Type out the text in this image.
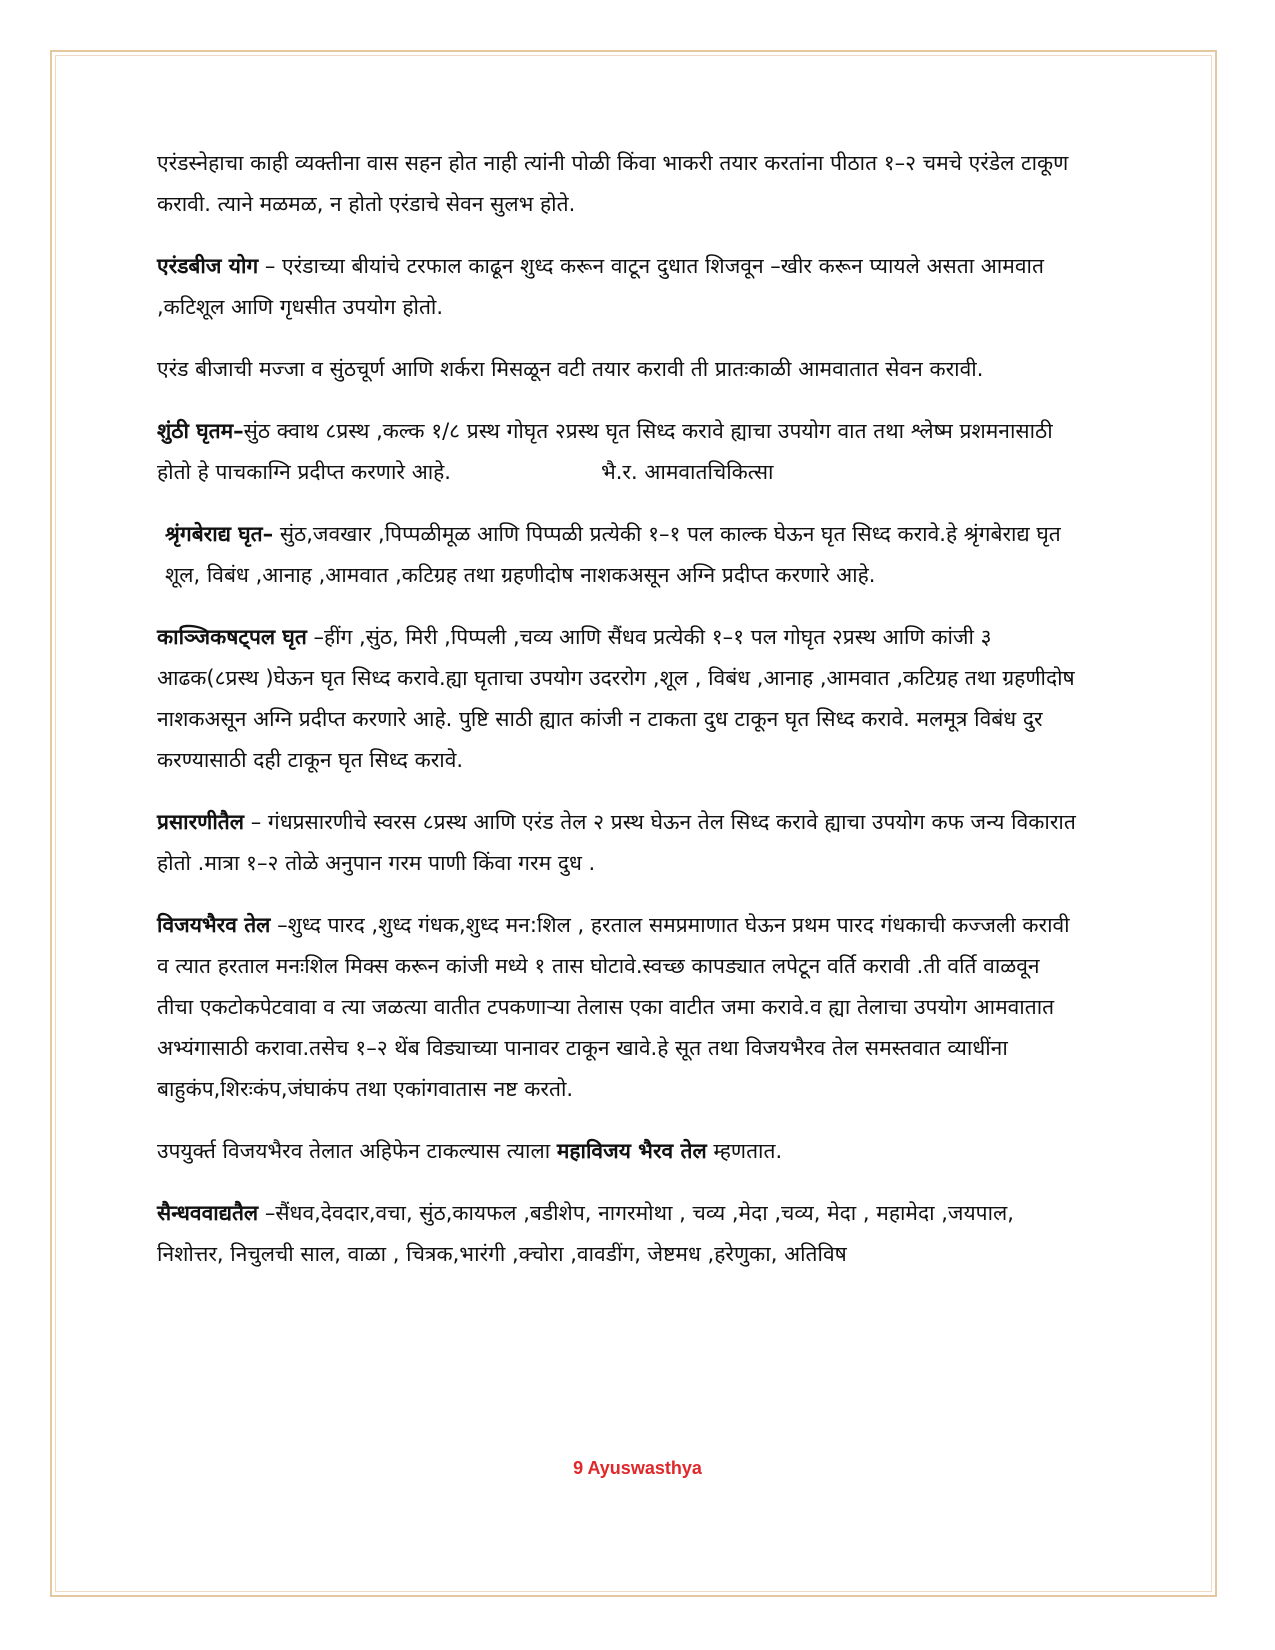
एरंडस्नेहाचा काही व्यक्तीना वास सहन होत नाही त्यांनी पोळी किंवा भाकरी तयार करतांना पीठात १–२ चमचे एरंडेल टाकूण करावी. त्याने मळमळ, न होतो एरंडाचे सेवन सुलभ होते.

एरंडबीज योग – एरंडाच्या बीयांचे टरफाल काढून शुध्द करून वाटून दुधात शिजवून –खीर करून प्यायले असता आमवात ,कटिशूल आणि गृधसीत उपयोग होतो.

एरंड बीजाची मज्जा व सुंठचूर्ण आणि शर्करा मिसळून वटी तयार करावी ती प्रातःकाळी आमवातात सेवन करावी.

शुंठी घृतम–सुंठ क्वाथ ८प्रस्थ ,कल्क १/८ प्रस्थ गोघृत २प्रस्थ घृत सिध्द करावे ह्याचा उपयोग वात तथा श्लेष्म प्रशमनासाठी होतो हे पाचकाग्नि प्रदीप्त करणारे आहे.	भै.र. आमवातचिकित्सा

श्रृंगबेराद्य घृत– सुंठ,जवखार ,पिप्पळीमूळ आणि पिप्पळी प्रत्येकी १–१ पल काल्क घेऊन घृत सिध्द करावे.हे श्रृंगबेराद्य घृत शूल, विबंध ,आनाह ,आमवात ,कटिग्रह तथा ग्रहणीदोष नाशकअसून अग्नि प्रदीप्त करणारे आहे.

काञ्जिकषट्पल घृत –हींग ,सुंठ, मिरी ,पिप्पली ,चव्य आणि सैंधव प्रत्येकी १–१ पल गोघृत २प्रस्थ आणि कांजी ३ आढक(८प्रस्थ )घेऊन घृत सिध्द करावे.ह्या घृताचा उपयोग उदररोग ,शूल , विबंध ,आनाह ,आमवात ,कटिग्रह तथा ग्रहणीदोष नाशकअसून अग्नि प्रदीप्त करणारे आहे. पुष्टि साठी ह्यात कांजी न टाकता दुध टाकून घृत सिध्द करावे. मलमूत्र विबंध दुर करण्यासाठी दही टाकून घृत सिध्द करावे.

प्रसारणीतैल – गंधप्रसारणीचे स्वरस ८प्रस्थ आणि एरंड तेल २ प्रस्थ घेऊन तेल सिध्द करावे ह्याचा उपयोग कफ जन्य विकारात होतो .मात्रा १–२ तोळे अनुपान गरम पाणी किंवा गरम दुध .

विजयभैरव तेल –शुध्द पारद ,शुध्द गंधक,शुध्द मन:शिल , हरताल समप्रमाणात घेऊन प्रथम पारद गंधकाची कज्जली करावी व त्यात हरताल मनःशिल मिक्स करून कांजी मध्ये १ तास घोटावे.स्वच्छ कापड्यात लपेटून वर्ति करावी .ती वर्ति वाळवून तीचा एकटोकपेटवावा व त्या जळत्या वातीत टपकणाऱ्या तेलास एका वाटीत जमा करावे.व ह्या तेलाचा उपयोग आमवातात अभ्यंगासाठी करावा.तसेच १–२ थेंब विड्याच्या पानावर टाकून खावे.हे सूत तथा विजयभैरव तेल समस्तवात व्याधींना बाहुकंप,शिरःकंप,जंघाकंप तथा एकांगवातास नष्ट करतो.

उपयुर्क्त विजयभैरव तेलात अहिफेन टाकल्यास त्याला महाविजय भैरव तेल म्हणतात.

सैन्धववाद्यतैल –सैंधव,देवदार,वचा, सुंठ,कायफल ,बडीशेप, नागरमोथा , चव्य ,मेदा ,चव्य, मेदा , महामेदा ,जयपाल, निशोत्तर, निचुलची साल, वाळा , चित्रक,भारंगी ,क्चोरा ,वावडींग, जेष्टमध ,हरेणुका, अतिविष

9 Ayuswasthya
